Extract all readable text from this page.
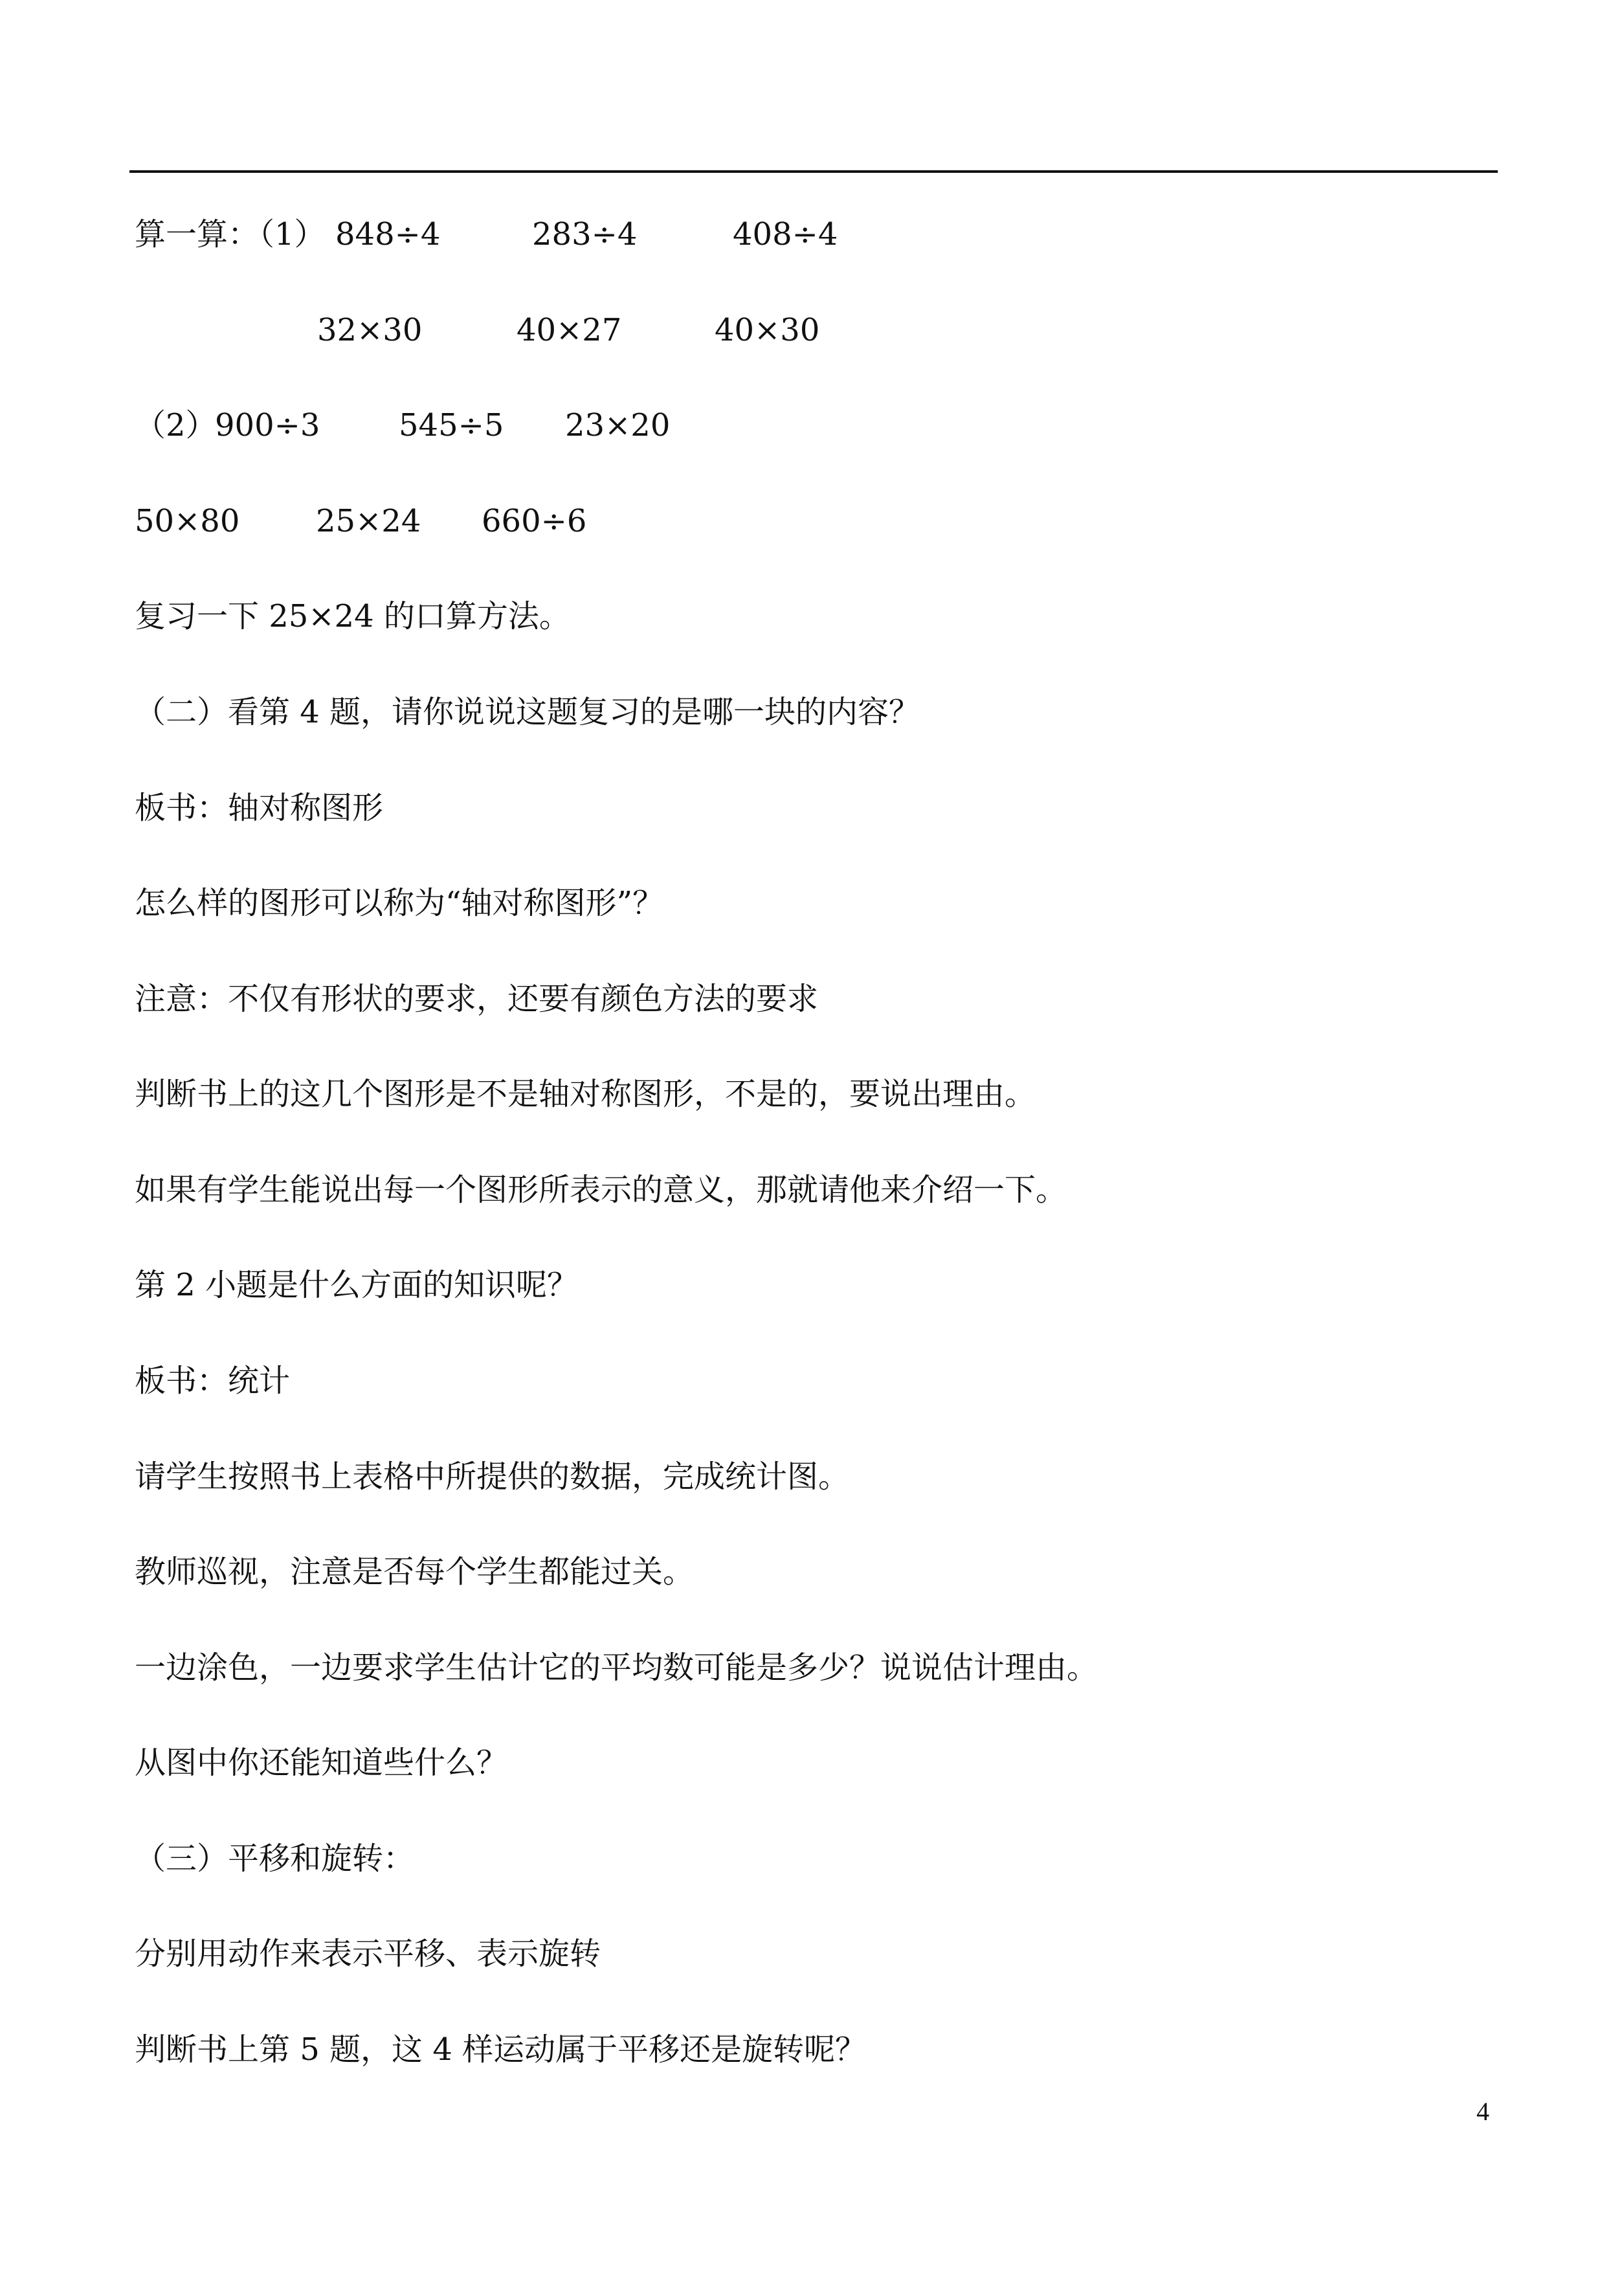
算一算：（1）

848÷4

	283÷4

	408÷4

32×30

	40×27

	40×30

（2）

900÷3

	545÷5

23×20

50×80

25×24

660÷6

复习一下 25×24 的口算方法。
（二）看第 4 题，请你说说这题复习的是哪一块的内容？
板书：轴对称图形
怎么样的图形可以称为“轴对称图形”？
注意：不仅有形状的要求，还要有颜色方法的要求
判断书上的这几个图形是不是轴对称图形，不是的，要说出理由。
如果有学生能说出每一个图形所表示的意义，那就请他来介绍一下。
第 2 小题是什么方面的知识呢？
板书：统计
请学生按照书上表格中所提供的数据，完成统计图。
教师巡视，注意是否每个学生都能过关。
一边涂色，一边要求学生估计它的平均数可能是多少？说说估计理由。
从图中你还能知道些什么？
（三）平移和旋转：
分别用动作来表示平移、表示旋转
判断书上第 5 题，这 4 样运动属于平移还是旋转呢？
4
